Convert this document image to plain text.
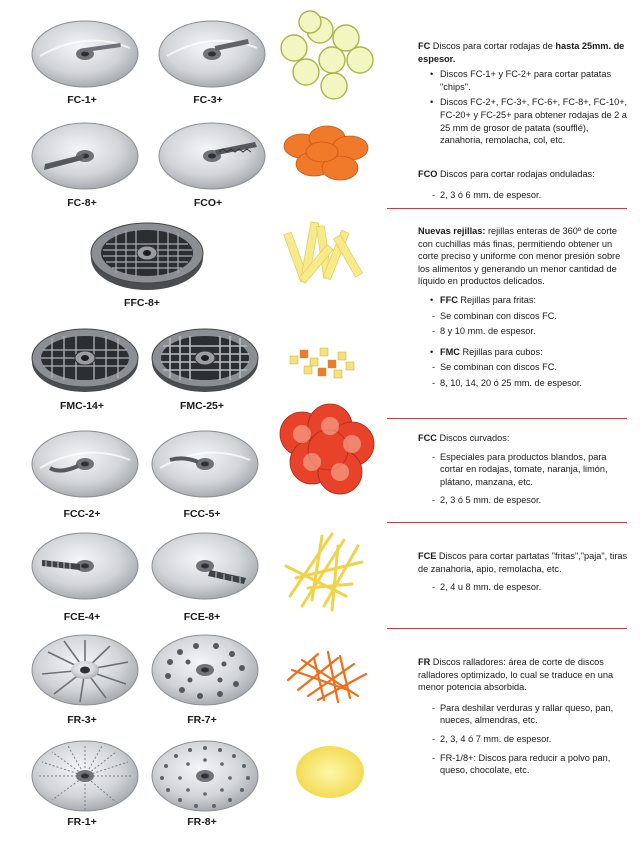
FC-1+	FC-3+
FC-8+	FCO+
FFC-8+
FMC-14+	FMC-25+
FCC-2+	FCC-5+
FCE-4+	FCE-8+
FR-3+	FR-7+
FR-1+	FR-8+

FC Discos para cortar rodajas de hasta 25mm. de espesor.

• Discos FC-1+ y FC-2+ para cortar patatas "chips".
• Discos FC-2+, FC-3+, FC-6+, FC-8+, FC-10+, FC-20+ y FC-25+ para obtener rodajas de 2 a 25 mm de grosor de patata (soufflé), zanahoria, remolacha, col, etc.

FCO Discos para cortar rodajas onduladas:

- 2, 3 ó 6 mm. de espesor.

Nuevas rejillas: rejillas enteras de 360º de corte con cuchillas más finas, permitiendo obtener un corte preciso y uniforme con menor presión sobre los alimentos y generando un menor cantidad de líquido en productos delicados.

• FFC Rejillas para fritas:
- Se combinan con discos FC.
- 8 y 10 mm. de espesor.
• FMC Rejillas para cubos:
- Se combinan con discos FC.
- 8, 10, 14, 20 ó 25 mm. de espesor.

FCC Discos curvados:

- Especiales para productos blandos, para cortar en rodajas, tomate, naranja, limón, plátano, manzana, etc.
- 2, 3 ó 5 mm. de espesor.

FCE Discos para cortar partatas "fritas","paja", tiras de zanahoria, apio, remolacha, etc.

- 2, 4 u 8 mm. de espesor.

FR Discos ralladores: área de corte de discos ralladores optimizado, lo cual se traduce en una menor potencia absorbida.

- Para deshilar verduras y rallar queso, pan, nueces, almendras, etc.
- 2, 3, 4 ó 7 mm. de espesor.
- FR-1/8+: Discos para reducir a polvo pan, queso, chocolate, etc.
